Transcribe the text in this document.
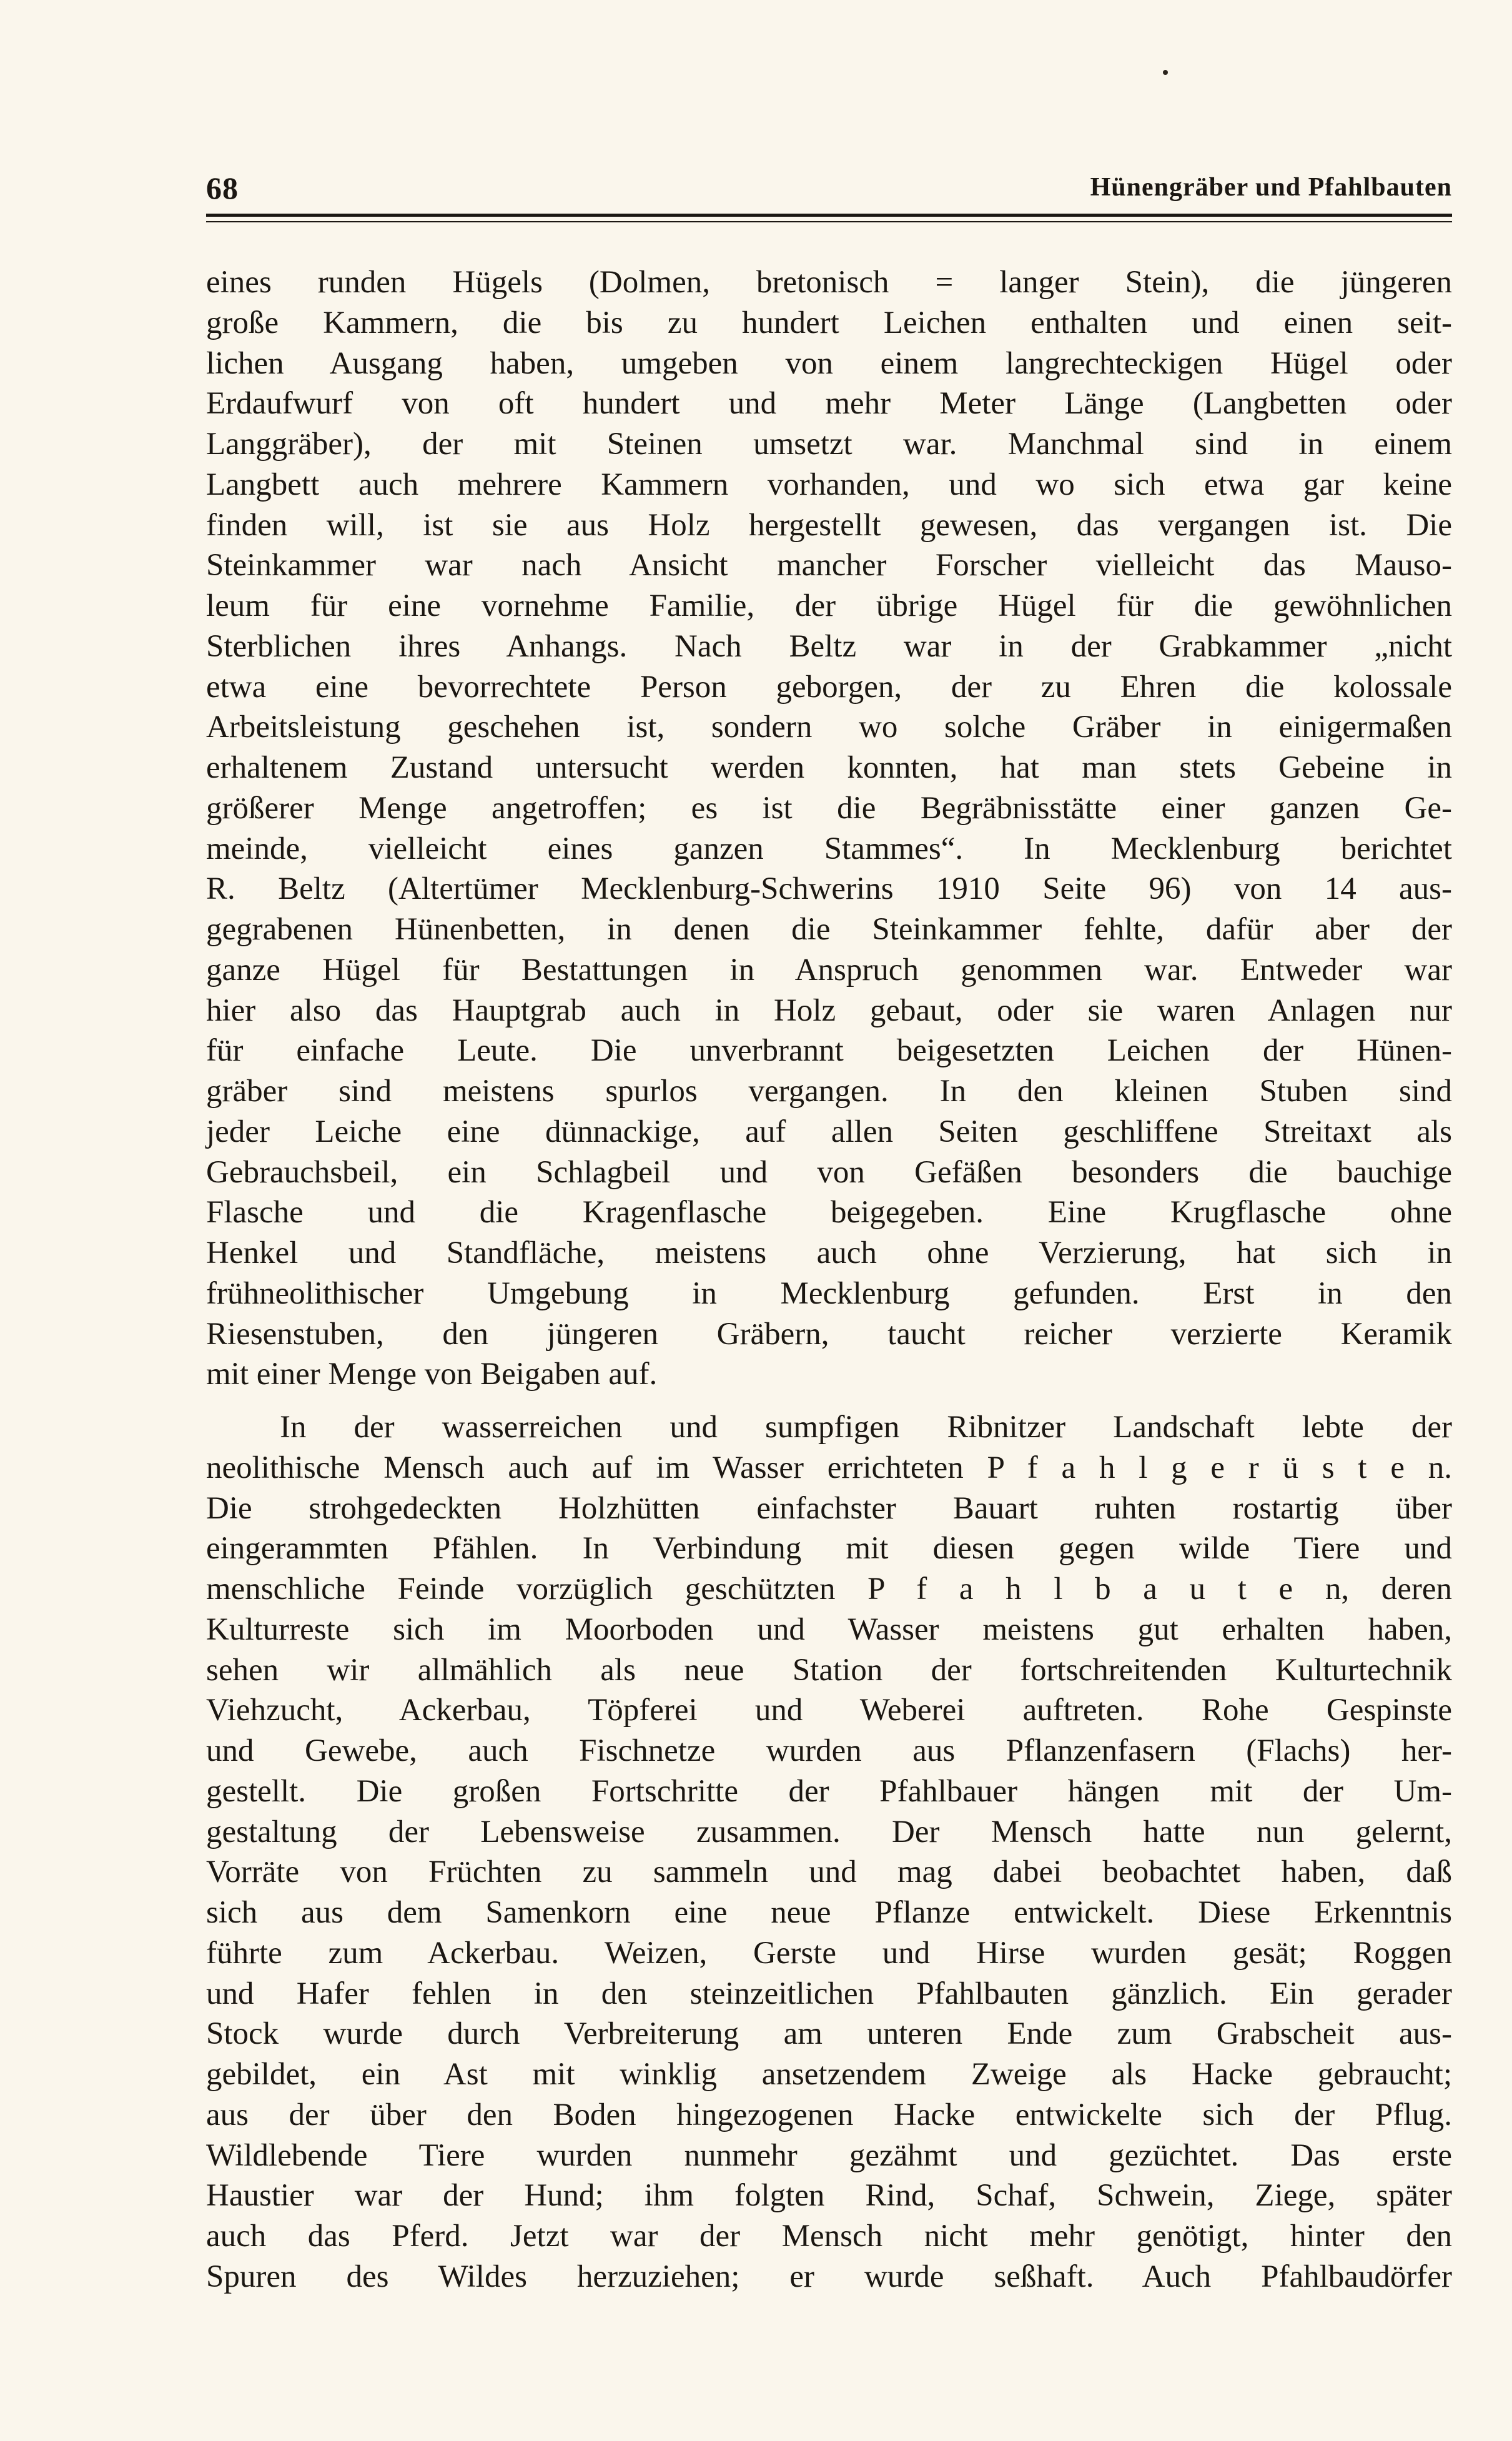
68	Hünengräber und Pfahlbauten
eines runden Hügels (Dolmen, bretonisch = langer Stein), die jüngeren
große Kammern, die bis zu hundert Leichen enthalten und einen seit-
lichen Ausgang haben, umgeben von einem langrechteckigen Hügel oder
Erdaufwurf von oft hundert und mehr Meter Länge (Langbetten oder
Langgräber), der mit Steinen umsetzt war. Manchmal sind in einem
Langbett auch mehrere Kammern vorhanden, und wo sich etwa gar keine
finden will, ist sie aus Holz hergestellt gewesen, das vergangen ist. Die
Steinkammer war nach Ansicht mancher Forscher vielleicht das Mauso-
leum für eine vornehme Familie, der übrige Hügel für die gewöhnlichen
Sterblichen ihres Anhangs. Nach Beltz war in der Grabkammer „nicht
etwa eine bevorrechtete Person geborgen, der zu Ehren die kolossale
Arbeitsleistung geschehen ist, sondern wo solche Gräber in einigermaßen
erhaltenem Zustand untersucht werden konnten, hat man stets Gebeine in
größerer Menge angetroffen; es ist die Begräbnisstätte einer ganzen Ge-
meinde, vielleicht eines ganzen Stammes“. In Mecklenburg berichtet
R. Beltz (Altertümer Mecklenburg-Schwerins 1910 Seite 96) von 14 aus-
gegrabenen Hünenbetten, in denen die Steinkammer fehlte, dafür aber der
ganze Hügel für Bestattungen in Anspruch genommen war. Entweder war
hier also das Hauptgrab auch in Holz gebaut, oder sie waren Anlagen nur
für einfache Leute. Die unverbrannt beigesetzten Leichen der Hünen-
gräber sind meistens spurlos vergangen. In den kleinen Stuben sind
jeder Leiche eine dünnackige, auf allen Seiten geschliffene Streitaxt als
Gebrauchsbeil, ein Schlagbeil und von Gefäßen besonders die bauchige
Flasche und die Kragenflasche beigegeben. Eine Krugflasche ohne
Henkel und Standfläche, meistens auch ohne Verzierung, hat sich in
frühneolithischer Umgebung in Mecklenburg gefunden. Erst in den
Riesenstuben, den jüngeren Gräbern, taucht reicher verzierte Keramik
mit einer Menge von Beigaben auf.
In der wasserreichen und sumpfigen Ribnitzer Landschaft lebte der
neolithische Mensch auch auf im Wasser errichteten P f a h l g e r ü s t e n.
Die strohgedeckten Holzhütten einfachster Bauart ruhten rostartig über
eingerammten Pfählen. In Verbindung mit diesen gegen wilde Tiere und
menschliche Feinde vorzüglich geschützten P f a h l b a u t e n, deren
Kulturreste sich im Moorboden und Wasser meistens gut erhalten haben,
sehen wir allmählich als neue Station der fortschreitenden Kulturtechnik
Viehzucht, Ackerbau, Töpferei und Weberei auftreten. Rohe Gespinste
und Gewebe, auch Fischnetze wurden aus Pflanzenfasern (Flachs) her-
gestellt. Die großen Fortschritte der Pfahlbauer hängen mit der Um-
gestaltung der Lebensweise zusammen. Der Mensch hatte nun gelernt,
Vorräte von Früchten zu sammeln und mag dabei beobachtet haben, daß
sich aus dem Samenkorn eine neue Pflanze entwickelt. Diese Erkenntnis
führte zum Ackerbau. Weizen, Gerste und Hirse wurden gesät; Roggen
und Hafer fehlen in den steinzeitlichen Pfahlbauten gänzlich. Ein gerader
Stock wurde durch Verbreiterung am unteren Ende zum Grabscheit aus-
gebildet, ein Ast mit winklig ansetzendem Zweige als Hacke gebraucht;
aus der über den Boden hingezogenen Hacke entwickelte sich der Pflug.
Wildlebende Tiere wurden nunmehr gezähmt und gezüchtet. Das erste
Haustier war der Hund; ihm folgten Rind, Schaf, Schwein, Ziege, später
auch das Pferd. Jetzt war der Mensch nicht mehr genötigt, hinter den
Spuren des Wildes herzuziehen; er wurde seßhaft. Auch Pfahlbaudörfer
